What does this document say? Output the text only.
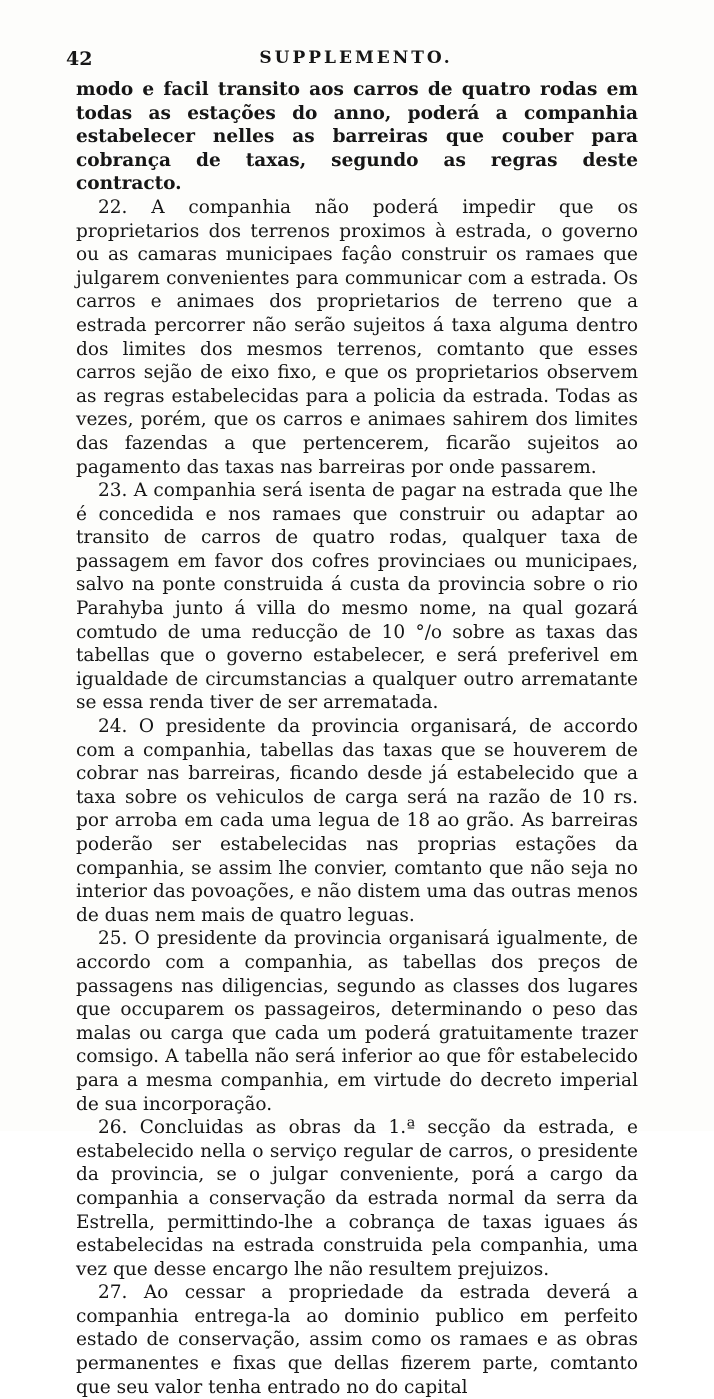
42	SUPPLEMENTO.

modo e facil transito aos carros de quatro rodas em todas as estações do anno, poderá a companhia estabelecer nelles as barreiras que couber para cobrança de taxas, segundo as regras deste contracto.

22. A companhia não poderá impedir que os proprietarios dos terrenos proximos à estrada, o governo ou as camaras municipaes façâo construir os ramaes que julgarem convenientes para communicar com a estrada. Os carros e animaes dos proprietarios de terreno que a estrada percorrer não serão sujeitos á taxa alguma dentro dos limites dos mesmos terrenos, comtanto que esses carros sejão de eixo fixo, e que os proprietarios observem as regras estabelecidas para a policia da estrada. Todas as vezes, porém, que os carros e animaes sahirem dos limites das fazendas a que pertencerem, ficarão sujeitos ao pagamento das taxas nas barreiras por onde passarem.

23. A companhia será isenta de pagar na estrada que lhe é concedida e nos ramaes que construir ou adaptar ao transito de carros de quatro rodas, qualquer taxa de passagem em favor dos cofres provinciaes ou municipaes, salvo na ponte construida á custa da provincia sobre o rio Parahyba junto á villa do mesmo nome, na qual gozará comtudo de uma reducção de 10 °/o sobre as taxas das tabellas que o governo estabelecer, e será preferivel em igualdade de circumstancias a qualquer outro arrematante se essa renda tiver de ser arrematada.

24. O presidente da provincia organisará, de accordo com a companhia, tabellas das taxas que se houverem de cobrar nas barreiras, ficando desde já estabelecido que a taxa sobre os vehiculos de carga será na razão de 10 rs. por arroba em cada uma legua de 18 ao grão. As barreiras poderão ser estabelecidas nas proprias estações da companhia, se assim lhe convier, comtanto que não seja no interior das povoações, e não distem uma das outras menos de duas nem mais de quatro leguas.

25. O presidente da provincia organisará igualmente, de accordo com a companhia, as tabellas dos preços de passagens nas diligencias, segundo as classes dos lugares que occuparem os passageiros, determinando o peso das malas ou carga que cada um poderá gratuitamente trazer comsigo. A tabella não será inferior ao que fôr estabelecido para a mesma companhia, em virtude do decreto imperial de sua incorporação.

26. Concluidas as obras da 1.ª secção da estrada, e estabelecido nella o serviço regular de carros, o presidente da provincia, se o julgar conveniente, porá a cargo da companhia a conservação da estrada normal da serra da Estrella, permittindo-lhe a cobrança de taxas iguaes ás estabelecidas na estrada construida pela companhia, uma vez que desse encargo lhe não resultem prejuizos.

27. Ao cessar a propriedade da estrada deverá a companhia entrega-la ao dominio publico em perfeito estado de conservação, assim como os ramaes e as obras permanentes e fixas que dellas fizerem parte, comtanto que seu valor tenha entrado no do capital
